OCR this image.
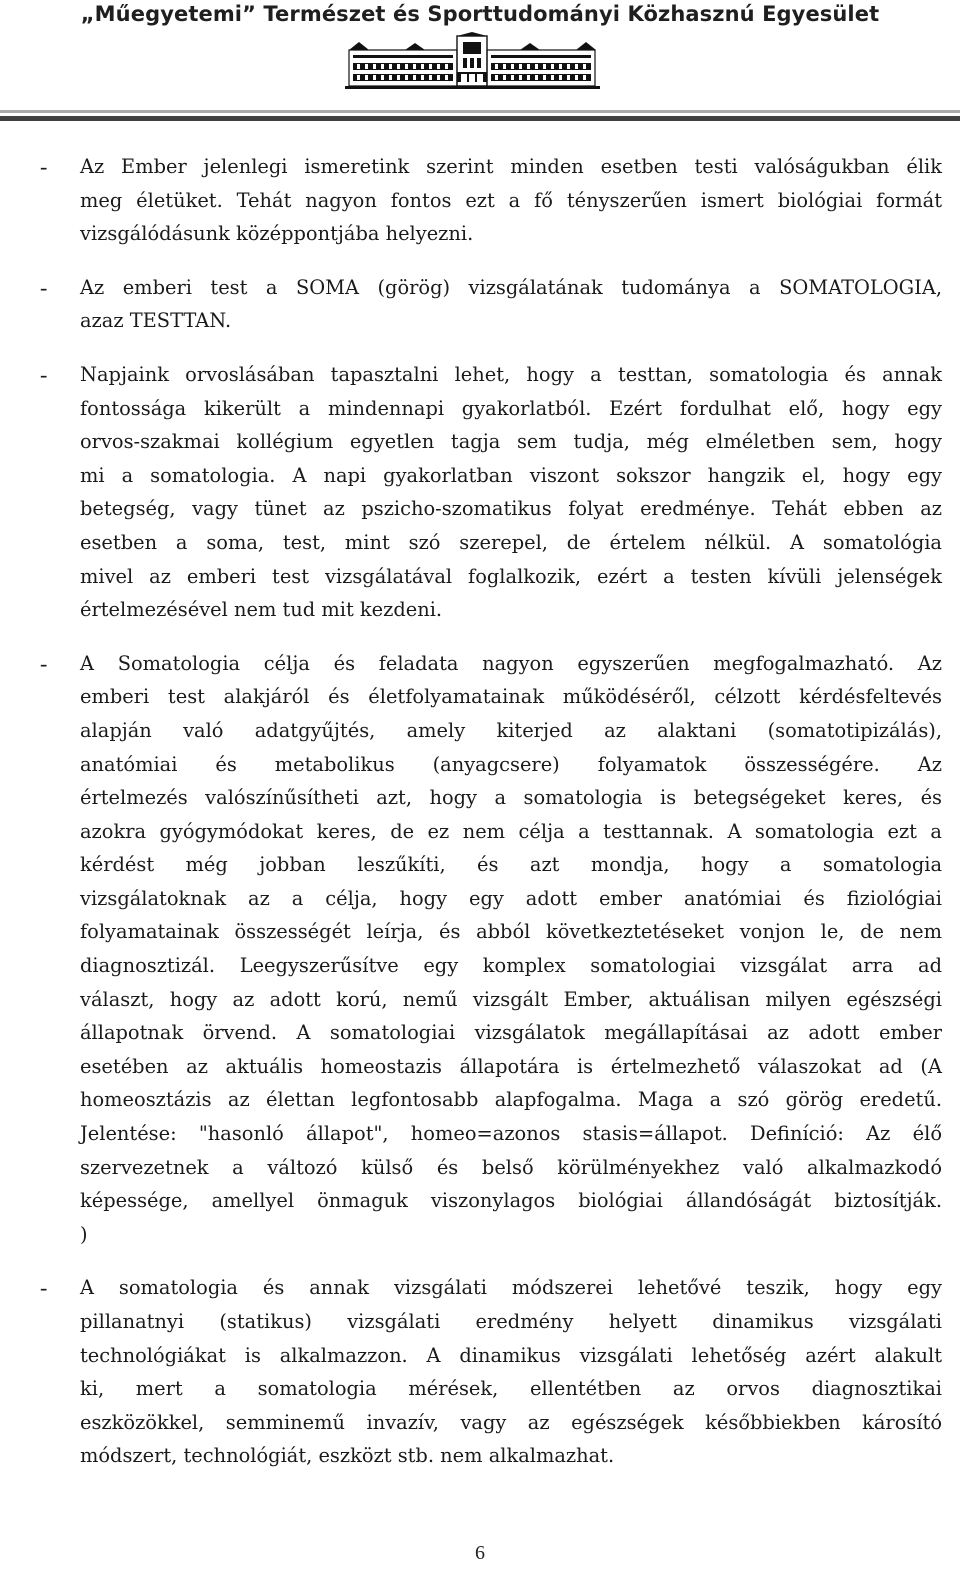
„Műegyetemi” Természet és Sporttudományi Közhasznú Egyesület
- Az Ember jelenlegi ismeretink szerint minden esetben testi valóságukban élik
meg életüket. Tehát nagyon fontos ezt a fő tényszerűen ismert biológiai formát
vizsgálódásunk középpontjába helyezni.
- Az emberi test a SOMA (görög) vizsgálatának tudománya a SOMATOLOGIA,
azaz TESTTAN.
- Napjaink orvoslásában tapasztalni lehet, hogy a testtan, somatologia és annak
fontossága kikerült a mindennapi gyakorlatból. Ezért fordulhat elő, hogy egy
orvos-szakmai kollégium egyetlen tagja sem tudja, még elméletben sem, hogy
mi a somatologia. A napi gyakorlatban viszont sokszor hangzik el, hogy egy
betegség, vagy tünet az pszicho-szomatikus folyat eredménye. Tehát ebben az
esetben a soma, test, mint szó szerepel, de értelem nélkül. A somatológia
mivel az emberi test vizsgálatával foglalkozik, ezért a testen kívüli jelenségek
értelmezésével nem tud mit kezdeni.
- A Somatologia célja és feladata nagyon egyszerűen megfogalmazható. Az
emberi test alakjáról és életfolyamatainak működéséről, célzott kérdésfeltevés
alapján való adatgyűjtés, amely kiterjed az alaktani (somatotipizálás),
anatómiai és metabolikus (anyagcsere) folyamatok összességére. Az
értelmezés valószínűsítheti azt, hogy a somatologia is betegségeket keres, és
azokra gyógymódokat keres, de ez nem célja a testtannak. A somatologia ezt a
kérdést még jobban leszűkíti, és azt mondja, hogy a somatologia
vizsgálatoknak az a célja, hogy egy adott ember anatómiai és fiziológiai
folyamatainak összességét leírja, és abból következtetéseket vonjon le, de nem
diagnosztizál. Leegyszerűsítve egy komplex somatologiai vizsgálat arra ad
választ, hogy az adott korú, nemű vizsgált Ember, aktuálisan milyen egészségi
állapotnak örvend. A somatologiai vizsgálatok megállapításai az adott ember
esetében az aktuális homeostazis állapotára is értelmezhető válaszokat ad (A
homeosztázis az élettan legfontosabb alapfogalma. Maga a szó görög eredetű.
Jelentése: "hasonló állapot", homeo=azonos stasis=állapot. Definíció: Az élő
szervezetnek a változó külső és belső körülményekhez való alkalmazkodó
képessége, amellyel önmaguk viszonylagos biológiai állandóságát biztosítják.
)
- A somatologia és annak vizsgálati módszerei lehetővé teszik, hogy egy
pillanatnyi (statikus) vizsgálati eredmény helyett dinamikus vizsgálati
technológiákat is alkalmazzon. A dinamikus vizsgálati lehetőség azért alakult
ki, mert a somatologia mérések, ellentétben az orvos diagnosztikai
eszközökkel, semminemű invazív, vagy az egészségek későbbiekben károsító
módszert, technológiát, eszközt stb. nem alkalmazhat.
6
